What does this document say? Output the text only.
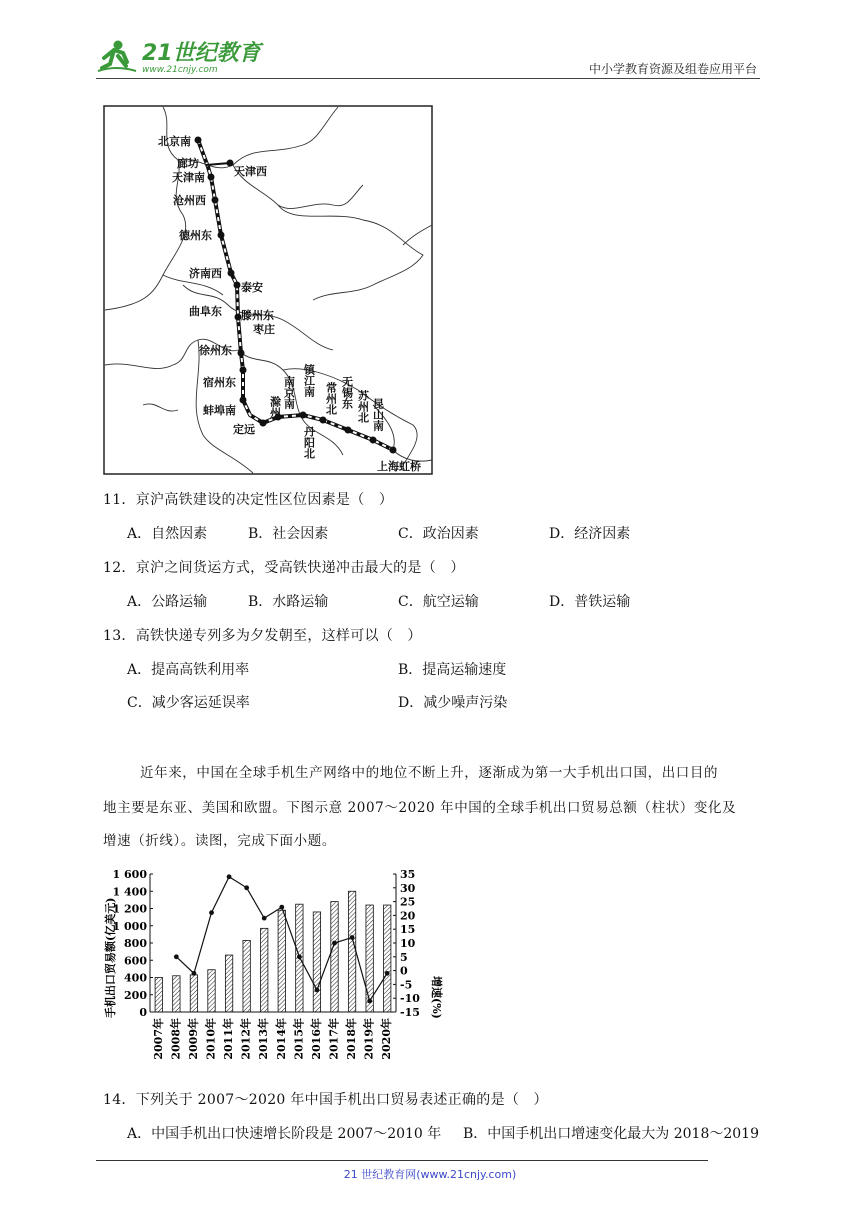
21世纪教育
www.21cnjy.com	中小学教育资源及组卷应用平台
北京南
廊坊
天津南	天津西
沧州西
德州东
济南西
泰安
曲阜东 滕州东
枣庄
徐州东
宿州东
蚌埠南
定远
滁州 南京南 镇江南
丹阳北
常州北 无锡东 苏州北 昆山南
上海虹桥
11．京沪高铁建设的决定性区位因素是（　）
A．自然因素	B．社会因素	C．政治因素	D．经济因素
12．京沪之间货运方式，受高铁快递冲击最大的是（　）
A．公路运输	B．水路运输	C．航空运输	D．普铁运输
13．高铁快递专列多为夕发朝至，这样可以（　）
A．提高高铁利用率	B．提高运输速度
C．减少客运延误率	D．减少噪声污染
近年来，中国在全球手机生产网络中的地位不断上升，逐渐成为第一大手机出口国，出口目的
地主要是东亚、美国和欧盟。下图示意 2007～2020 年中国的全球手机出口贸易总额（柱状）变化及
增速（折线）。读图，完成下面小题。
0
200
400
600
800
1 000
1 200
1 400
1 600
-15
-10
-5
0
5
10
15
20
25
30
35
2007年 2008年 2009年 2010年 2011年 2012年 2013年 2014年 2015年 2016年 2017年 2018年 2019年 2020年
手机出口贸易额(亿美元)	增速(%)
14．下列关于 2007～2020 年中国手机出口贸易表述正确的是（　）
A．中国手机出口快速增长阶段是 2007～2010 年 B．中国手机出口增速变化最大为 2018～2019
21 世纪教育网(www.21cnjy.com)
